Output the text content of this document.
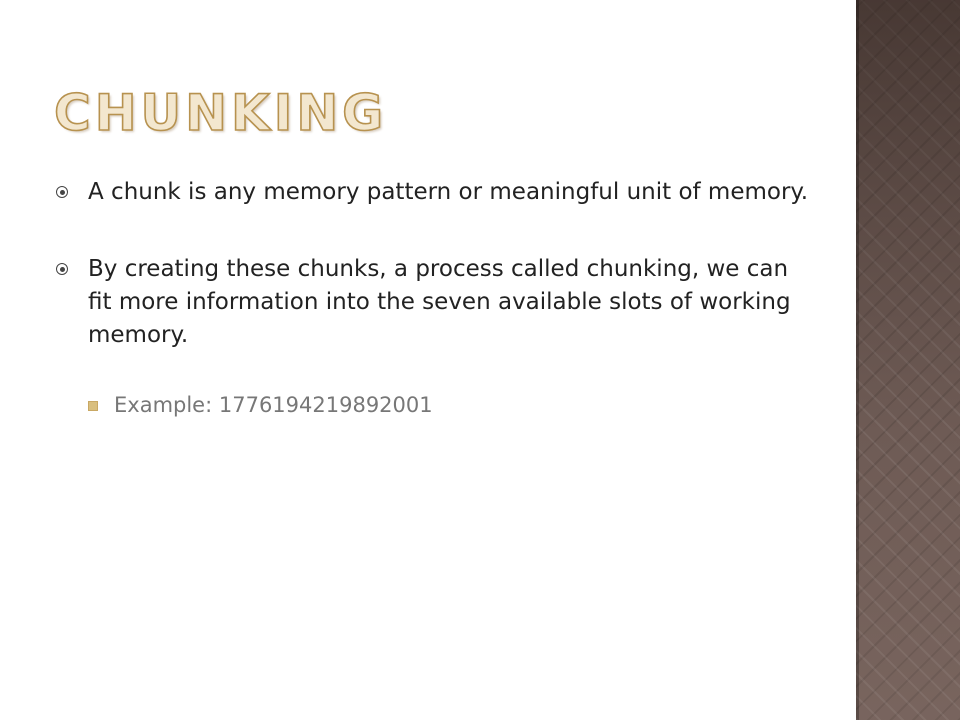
CHUNKING
A chunk is any memory pattern or meaningful unit of memory.
By creating these chunks, a process called chunking, we can fit more information into the seven available slots of working memory.
Example: 1776194219892001
